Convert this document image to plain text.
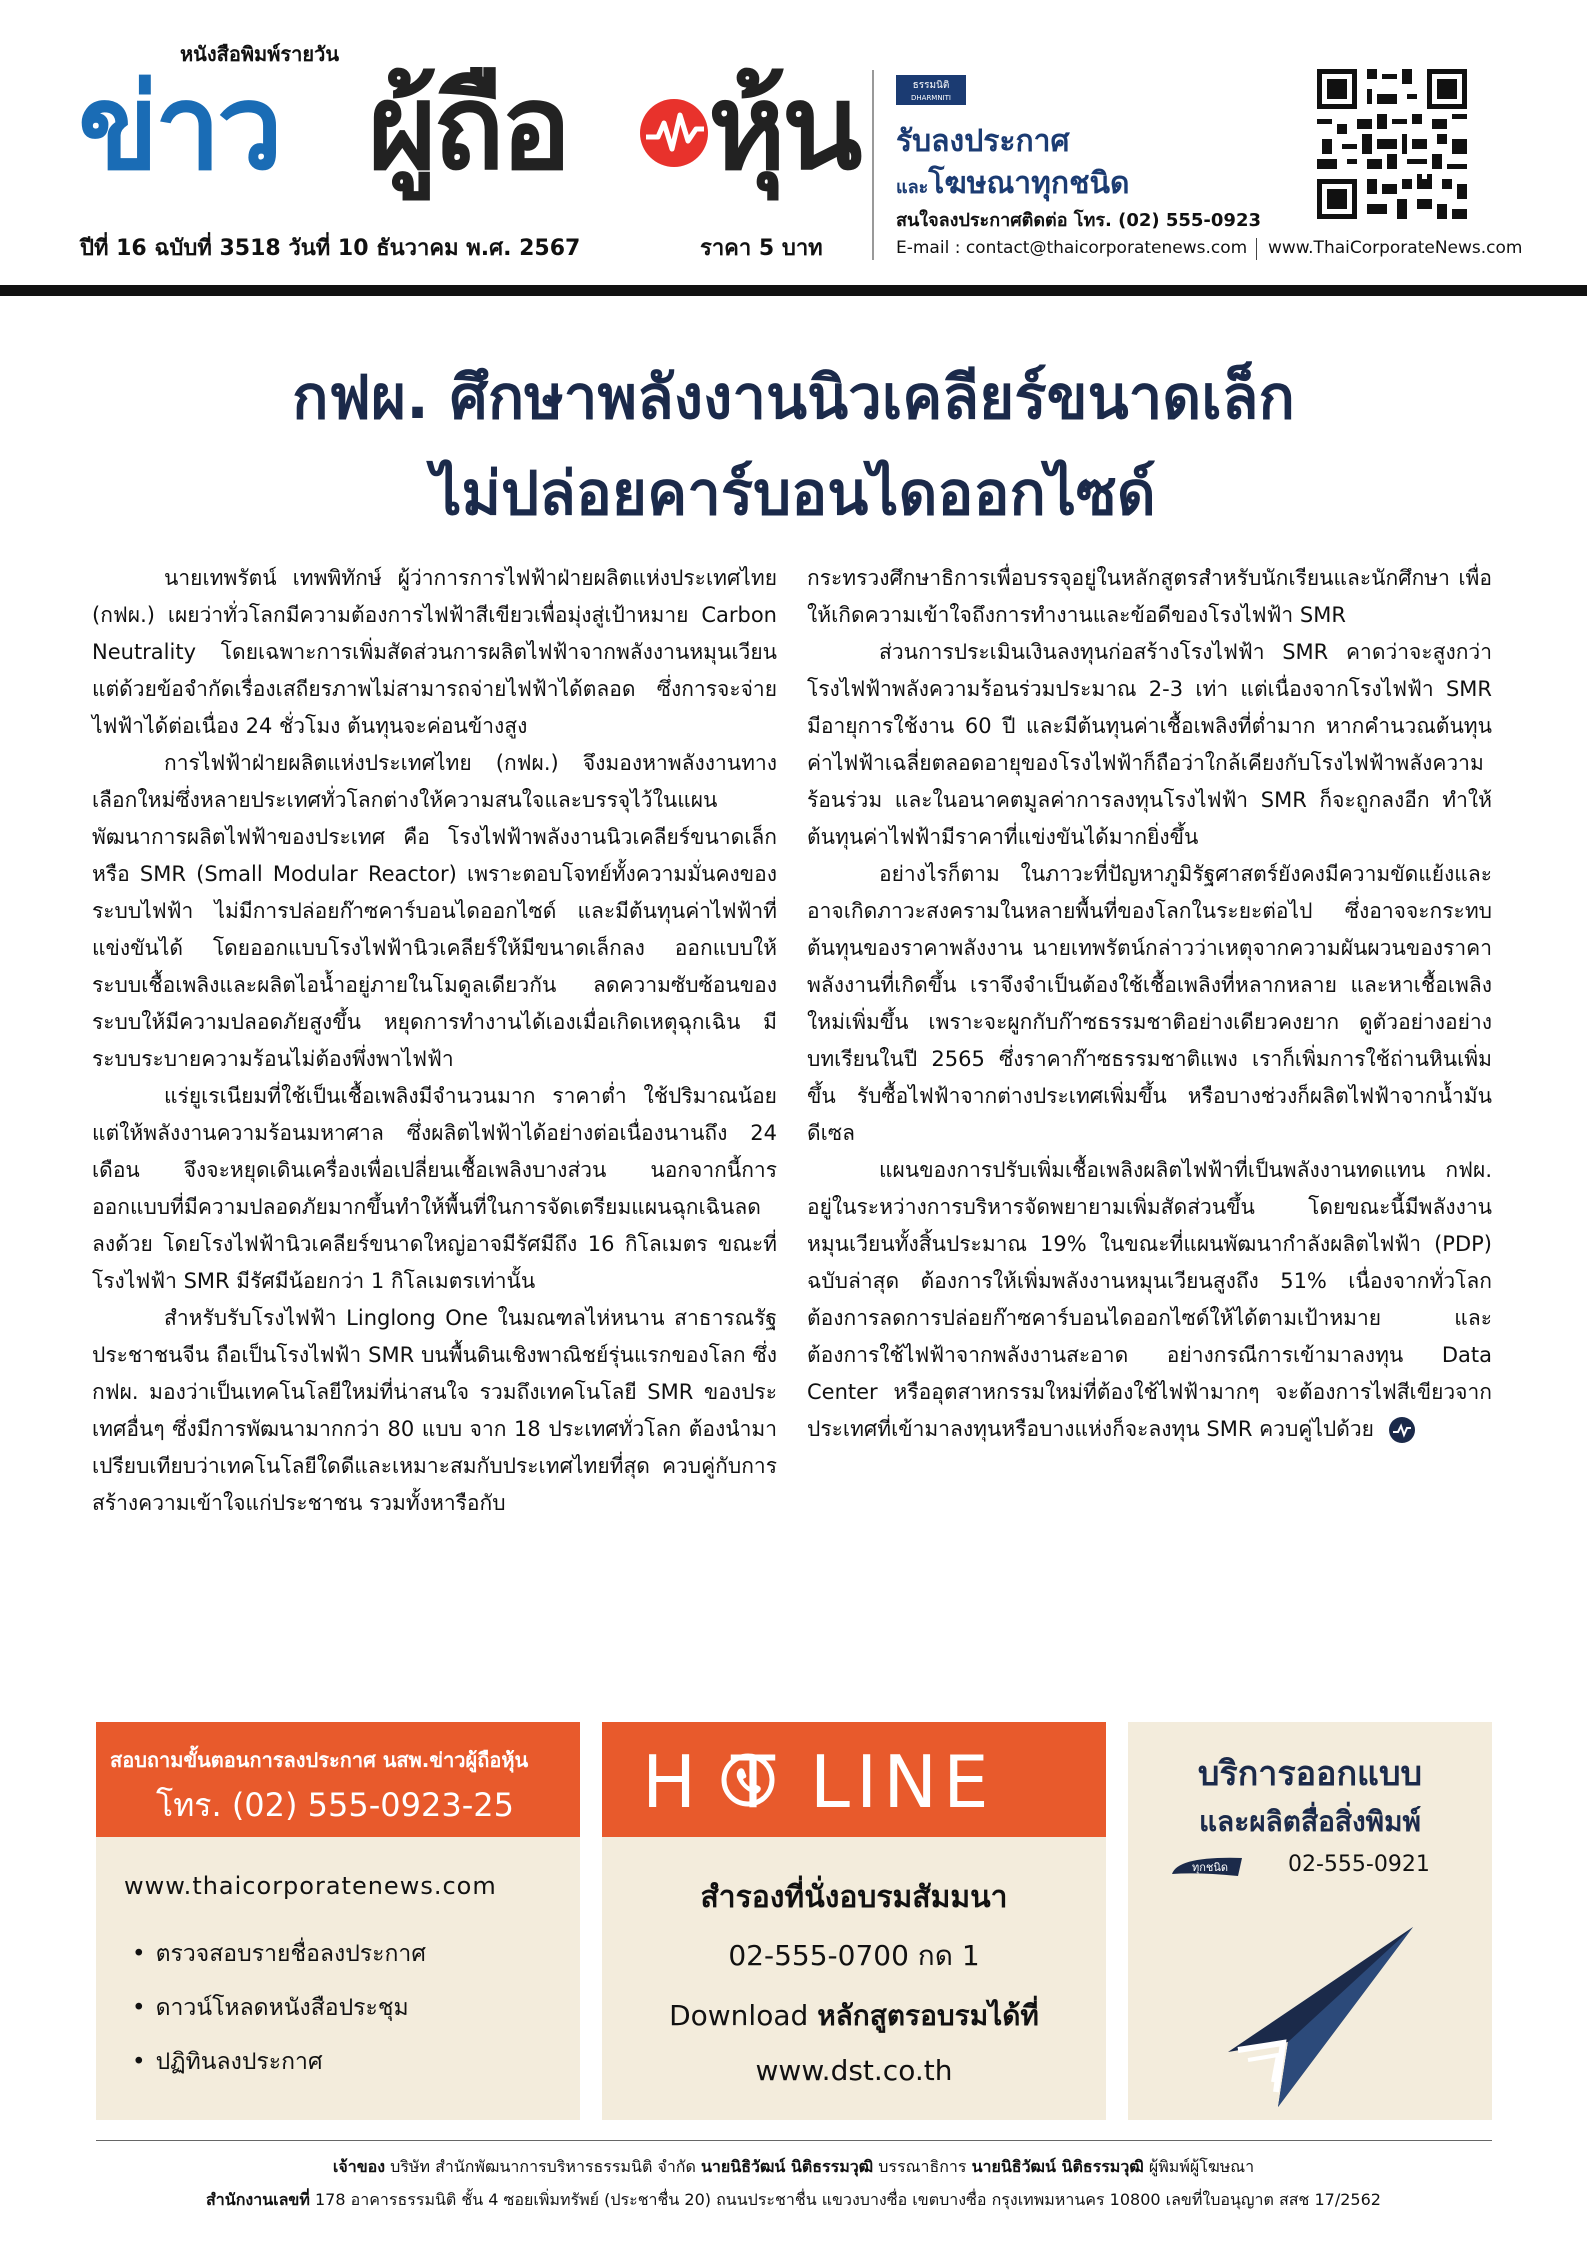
หนังสือพิมพ์รายวัน
ข่าว ผู้ถือ หุ้น
ปีที่ 16 ฉบับที่ 3518 วันที่ 10 ธันวาคม พ.ศ. 2567	ราคา 5 บาท
ธรรมนิติ
DHARMNITI
รับลงประกาศ
และโฆษณาทุกชนิด
สนใจลงประกาศติดต่อ โทร. (02) 555-0923
E-mail : contact@thaicorporatenews.com www.ThaiCorporateNews.com
กฟผ. ศึกษาพลังงานนิวเคลียร์ขนาดเล็ก
ไม่ปล่อยคาร์บอนไดออกไซด์

นายเทพรัตน์ เทพพิทักษ์ ผู้ว่าการการไฟฟ้าฝ่ายผลิตแห่งประเทศไทย (กฟผ.) เผยว่าทั่วโลกมีความต้องการไฟฟ้าสีเขียวเพื่อมุ่งสู่เป้าหมาย Carbon Neutrality โดยเฉพาะการเพิ่มสัดส่วนการผลิตไฟฟ้าจากพลังงานหมุนเวียน แต่ด้วยข้อจำกัดเรื่องเสถียรภาพไม่สามารถจ่ายไฟฟ้าได้ตลอด ซึ่งการจะจ่ายไฟฟ้าได้ต่อเนื่อง 24 ชั่วโมง ต้นทุนจะค่อนข้างสูง

การไฟฟ้าฝ่ายผลิตแห่งประเทศไทย (กฟผ.) จึงมองหาพลังงานทางเลือกใหม่ซึ่งหลายประเทศทั่วโลกต่างให้ความสนใจและบรรจุไว้ในแผนพัฒนาการผลิตไฟฟ้าของประเทศ คือ โรงไฟฟ้าพลังงานนิวเคลียร์ขนาดเล็ก หรือ SMR (Small Modular Reactor) เพราะตอบโจทย์ทั้งความมั่นคงของระบบไฟฟ้า ไม่มีการปล่อยก๊าซคาร์บอนไดออกไซด์ และมีต้นทุนค่าไฟฟ้าที่แข่งขันได้ โดยออกแบบโรงไฟฟ้านิวเคลียร์ให้มีขนาดเล็กลง ออกแบบให้ระบบเชื้อเพลิงและผลิตไอน้ำอยู่ภายในโมดูลเดียวกัน ลดความซับซ้อนของระบบให้มีความปลอดภัยสูงขึ้น หยุดการทำงานได้เองเมื่อเกิดเหตุฉุกเฉิน มีระบบระบายความร้อนไม่ต้องพึ่งพาไฟฟ้า

แร่ยูเรเนียมที่ใช้เป็นเชื้อเพลิงมีจำนวนมาก ราคาต่ำ ใช้ปริมาณน้อย แต่ให้พลังงานความร้อนมหาศาล ซึ่งผลิตไฟฟ้าได้อย่างต่อเนื่องนานถึง 24 เดือน จึงจะหยุดเดินเครื่องเพื่อเปลี่ยนเชื้อเพลิงบางส่วน นอกจากนี้การออกแบบที่มีความปลอดภัยมากขึ้นทำให้พื้นที่ในการจัดเตรียมแผนฉุกเฉินลดลงด้วย โดยโรงไฟฟ้านิวเคลียร์ขนาดใหญ่อาจมีรัศมีถึง 16 กิโลเมตร ขณะที่โรงไฟฟ้า SMR มีรัศมีน้อยกว่า 1 กิโลเมตรเท่านั้น

สำหรับรับโรงไฟฟ้า Linglong One ในมณฑลไห่หนาน สาธารณรัฐประชาชนจีน ถือเป็นโรงไฟฟ้า SMR บนพื้นดินเชิงพาณิชย์รุ่นแรกของโลก ซึ่ง กฟผ. มองว่าเป็นเทคโนโลยีใหม่ที่น่าสนใจ รวมถึงเทคโนโลยี SMR ของประเทศอื่นๆ ซึ่งมีการพัฒนามากกว่า 80 แบบ จาก 18 ประเทศทั่วโลก ต้องนำมาเปรียบเทียบว่าเทคโนโลยีใดดีและเหมาะสมกับประเทศไทยที่สุด ควบคู่กับการสร้างความเข้าใจแก่ประชาชน รวมทั้งหารือกับ

กระทรวงศึกษาธิการเพื่อบรรจุอยู่ในหลักสูตรสำหรับนักเรียนและนักศึกษา เพื่อให้เกิดความเข้าใจถึงการทำงานและข้อดีของโรงไฟฟ้า SMR

ส่วนการประเมินเงินลงทุนก่อสร้างโรงไฟฟ้า SMR คาดว่าจะสูงกว่าโรงไฟฟ้าพลังความร้อนร่วมประมาณ 2-3 เท่า แต่เนื่องจากโรงไฟฟ้า SMR มีอายุการใช้งาน 60 ปี และมีต้นทุนค่าเชื้อเพลิงที่ต่ำมาก หากคำนวณต้นทุนค่าไฟฟ้าเฉลี่ยตลอดอายุของโรงไฟฟ้าก็ถือว่าใกล้เคียงกับโรงไฟฟ้าพลังความร้อนร่วม และในอนาคตมูลค่าการลงทุนโรงไฟฟ้า SMR ก็จะถูกลงอีก ทำให้ต้นทุนค่าไฟฟ้ามีราคาที่แข่งขันได้มากยิ่งขึ้น

อย่างไรก็ตาม ในภาวะที่ปัญหาภูมิรัฐศาสตร์ยังคงมีความขัดแย้งและอาจเกิดภาวะสงครามในหลายพื้นที่ของโลกในระยะต่อไป ซึ่งอาจจะกระทบต้นทุนของราคาพลังงาน นายเทพรัตน์กล่าวว่าเหตุจากความผันผวนของราคาพลังงานที่เกิดขึ้น เราจึงจำเป็นต้องใช้เชื้อเพลิงที่หลากหลาย และหาเชื้อเพลิงใหม่เพิ่มขึ้น เพราะจะผูกกับก๊าซธรรมชาติอย่างเดียวคงยาก ดูตัวอย่างอย่างบทเรียนในปี 2565 ซึ่งราคาก๊าซธรรมชาติแพง เราก็เพิ่มการใช้ถ่านหินเพิ่มขึ้น รับซื้อไฟฟ้าจากต่างประเทศเพิ่มขึ้น หรือบางช่วงก็ผลิตไฟฟ้าจากน้ำมันดีเซล

แผนของการปรับเพิ่มเชื้อเพลิงผลิตไฟฟ้าที่เป็นพลังงานทดแทน กฟผ. อยู่ในระหว่างการบริหารจัดพยายามเพิ่มสัดส่วนขึ้น โดยขณะนี้มีพลังงานหมุนเวียนทั้งสิ้นประมาณ 19% ในขณะที่แผนพัฒนากำลังผลิตไฟฟ้า (PDP) ฉบับล่าสุด ต้องการให้เพิ่มพลังงานหมุนเวียนสูงถึง 51% เนื่องจากทั่วโลกต้องการลดการปล่อยก๊าซคาร์บอนไดออกไซด์ให้ได้ตามเป้าหมาย และต้องการใช้ไฟฟ้าจากพลังงานสะอาด อย่างกรณีการเข้ามาลงทุน Data Center หรืออุตสาหกรรมใหม่ที่ต้องใช้ไฟฟ้ามากๆ จะต้องการไฟสีเขียวจากประเทศที่เข้ามาลงทุนหรือบางแห่งก็จะลงทุน SMR ควบคู่ไปด้วย

สอบถามขั้นตอนการลงประกาศ นสพ.ข่าวผู้ถือหุ้น
โทร. (02) 555-0923-25
www.thaicorporatenews.com
• ตรวจสอบรายชื่อลงประกาศ
• ดาวน์โหลดหนังสือประชุม
• ปฏิทินลงประกาศ
H T LINE
สำรองที่นั่งอบรมสัมมนา
02-555-0700 กด 1
Download หลักสูตรอบรมได้ที่
www.dst.co.th
บริการออกแบบ
และผลิตสื่อสิ่งพิมพ์
ทุกชนิด	02-555-0921
เจ้าของ บริษัท สำนักพัฒนาการบริหารธรรมนิติ จำกัด นายนิธิวัฒน์ นิติธรรมวุฒิ บรรณาธิการ นายนิธิวัฒน์ นิติธรรมวุฒิ ผู้พิมพ์ผู้โฆษณา
สำนักงานเลขที่ 178 อาคารธรรมนิติ ชั้น 4 ซอยเพิ่มทรัพย์ (ประชาชื่น 20) ถนนประชาชื่น แขวงบางซื่อ เขตบางซื่อ กรุงเทพมหานคร 10800 เลขที่ใบอนุญาต สสช 17/2562
